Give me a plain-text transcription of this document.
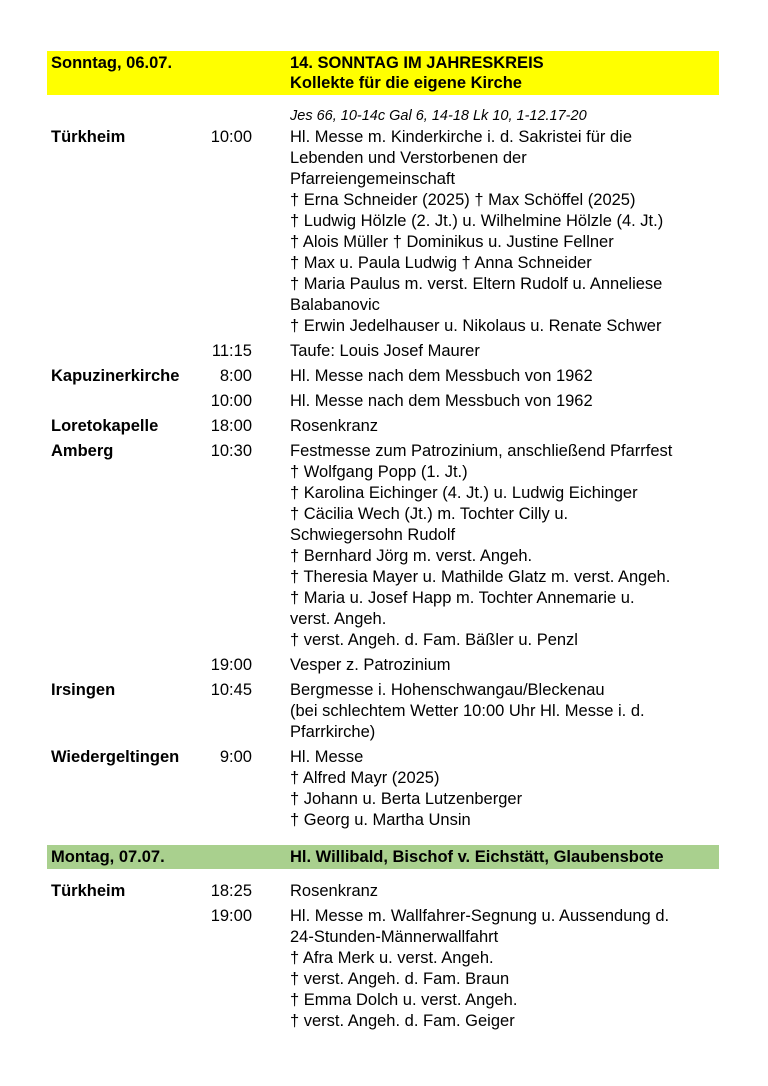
Sonntag, 06.07.	14. SONNTAG IM JAHRESKREIS
Kollekte für die eigene Kirche
Jes 66, 10-14c Gal 6, 14-18 Lk 10, 1-12.17-20
Türkheim	10:00	Hl. Messe m. Kinderkirche i. d. Sakristei für die
Lebenden und Verstorbenen der
Pfarreiengemeinschaft
† Erna Schneider (2025) † Max Schöffel (2025)
† Ludwig Hölzle (2. Jt.) u. Wilhelmine Hölzle (4. Jt.)
† Alois Müller † Dominikus u. Justine Fellner
† Max u. Paula Ludwig † Anna Schneider
† Maria Paulus m. verst. Eltern Rudolf u. Anneliese
Balabanovic
† Erwin Jedelhauser u. Nikolaus u. Renate Schwer
11:15	Taufe: Louis Josef Maurer
Kapuzinerkirche	8:00	Hl. Messe nach dem Messbuch von 1962
10:00	Hl. Messe nach dem Messbuch von 1962
Loretokapelle	18:00	Rosenkranz
Amberg	10:30	Festmesse zum Patrozinium, anschließend Pfarrfest
† Wolfgang Popp (1. Jt.)
† Karolina Eichinger (4. Jt.) u. Ludwig Eichinger
† Cäcilia Wech (Jt.) m. Tochter Cilly u.
Schwiegersohn Rudolf
† Bernhard Jörg m. verst. Angeh.
† Theresia Mayer u. Mathilde Glatz m. verst. Angeh.
† Maria u. Josef Happ m. Tochter Annemarie u.
verst. Angeh.
† verst. Angeh. d. Fam. Bäßler u. Penzl
19:00	Vesper z. Patrozinium
Irsingen	10:45	Bergmesse i. Hohenschwangau/Bleckenau
(bei schlechtem Wetter 10:00 Uhr Hl. Messe i. d.
Pfarrkirche)
Wiedergeltingen	9:00	Hl. Messe
† Alfred Mayr (2025)
† Johann u. Berta Lutzenberger
† Georg u. Martha Unsin
Montag, 07.07.	Hl. Willibald, Bischof v. Eichstätt, Glaubensbote
Türkheim	18:25	Rosenkranz
19:00	Hl. Messe m. Wallfahrer-Segnung u. Aussendung d.
24-Stunden-Männerwallfahrt
† Afra Merk u. verst. Angeh.
† verst. Angeh. d. Fam. Braun
† Emma Dolch u. verst. Angeh.
† verst. Angeh. d. Fam. Geiger
